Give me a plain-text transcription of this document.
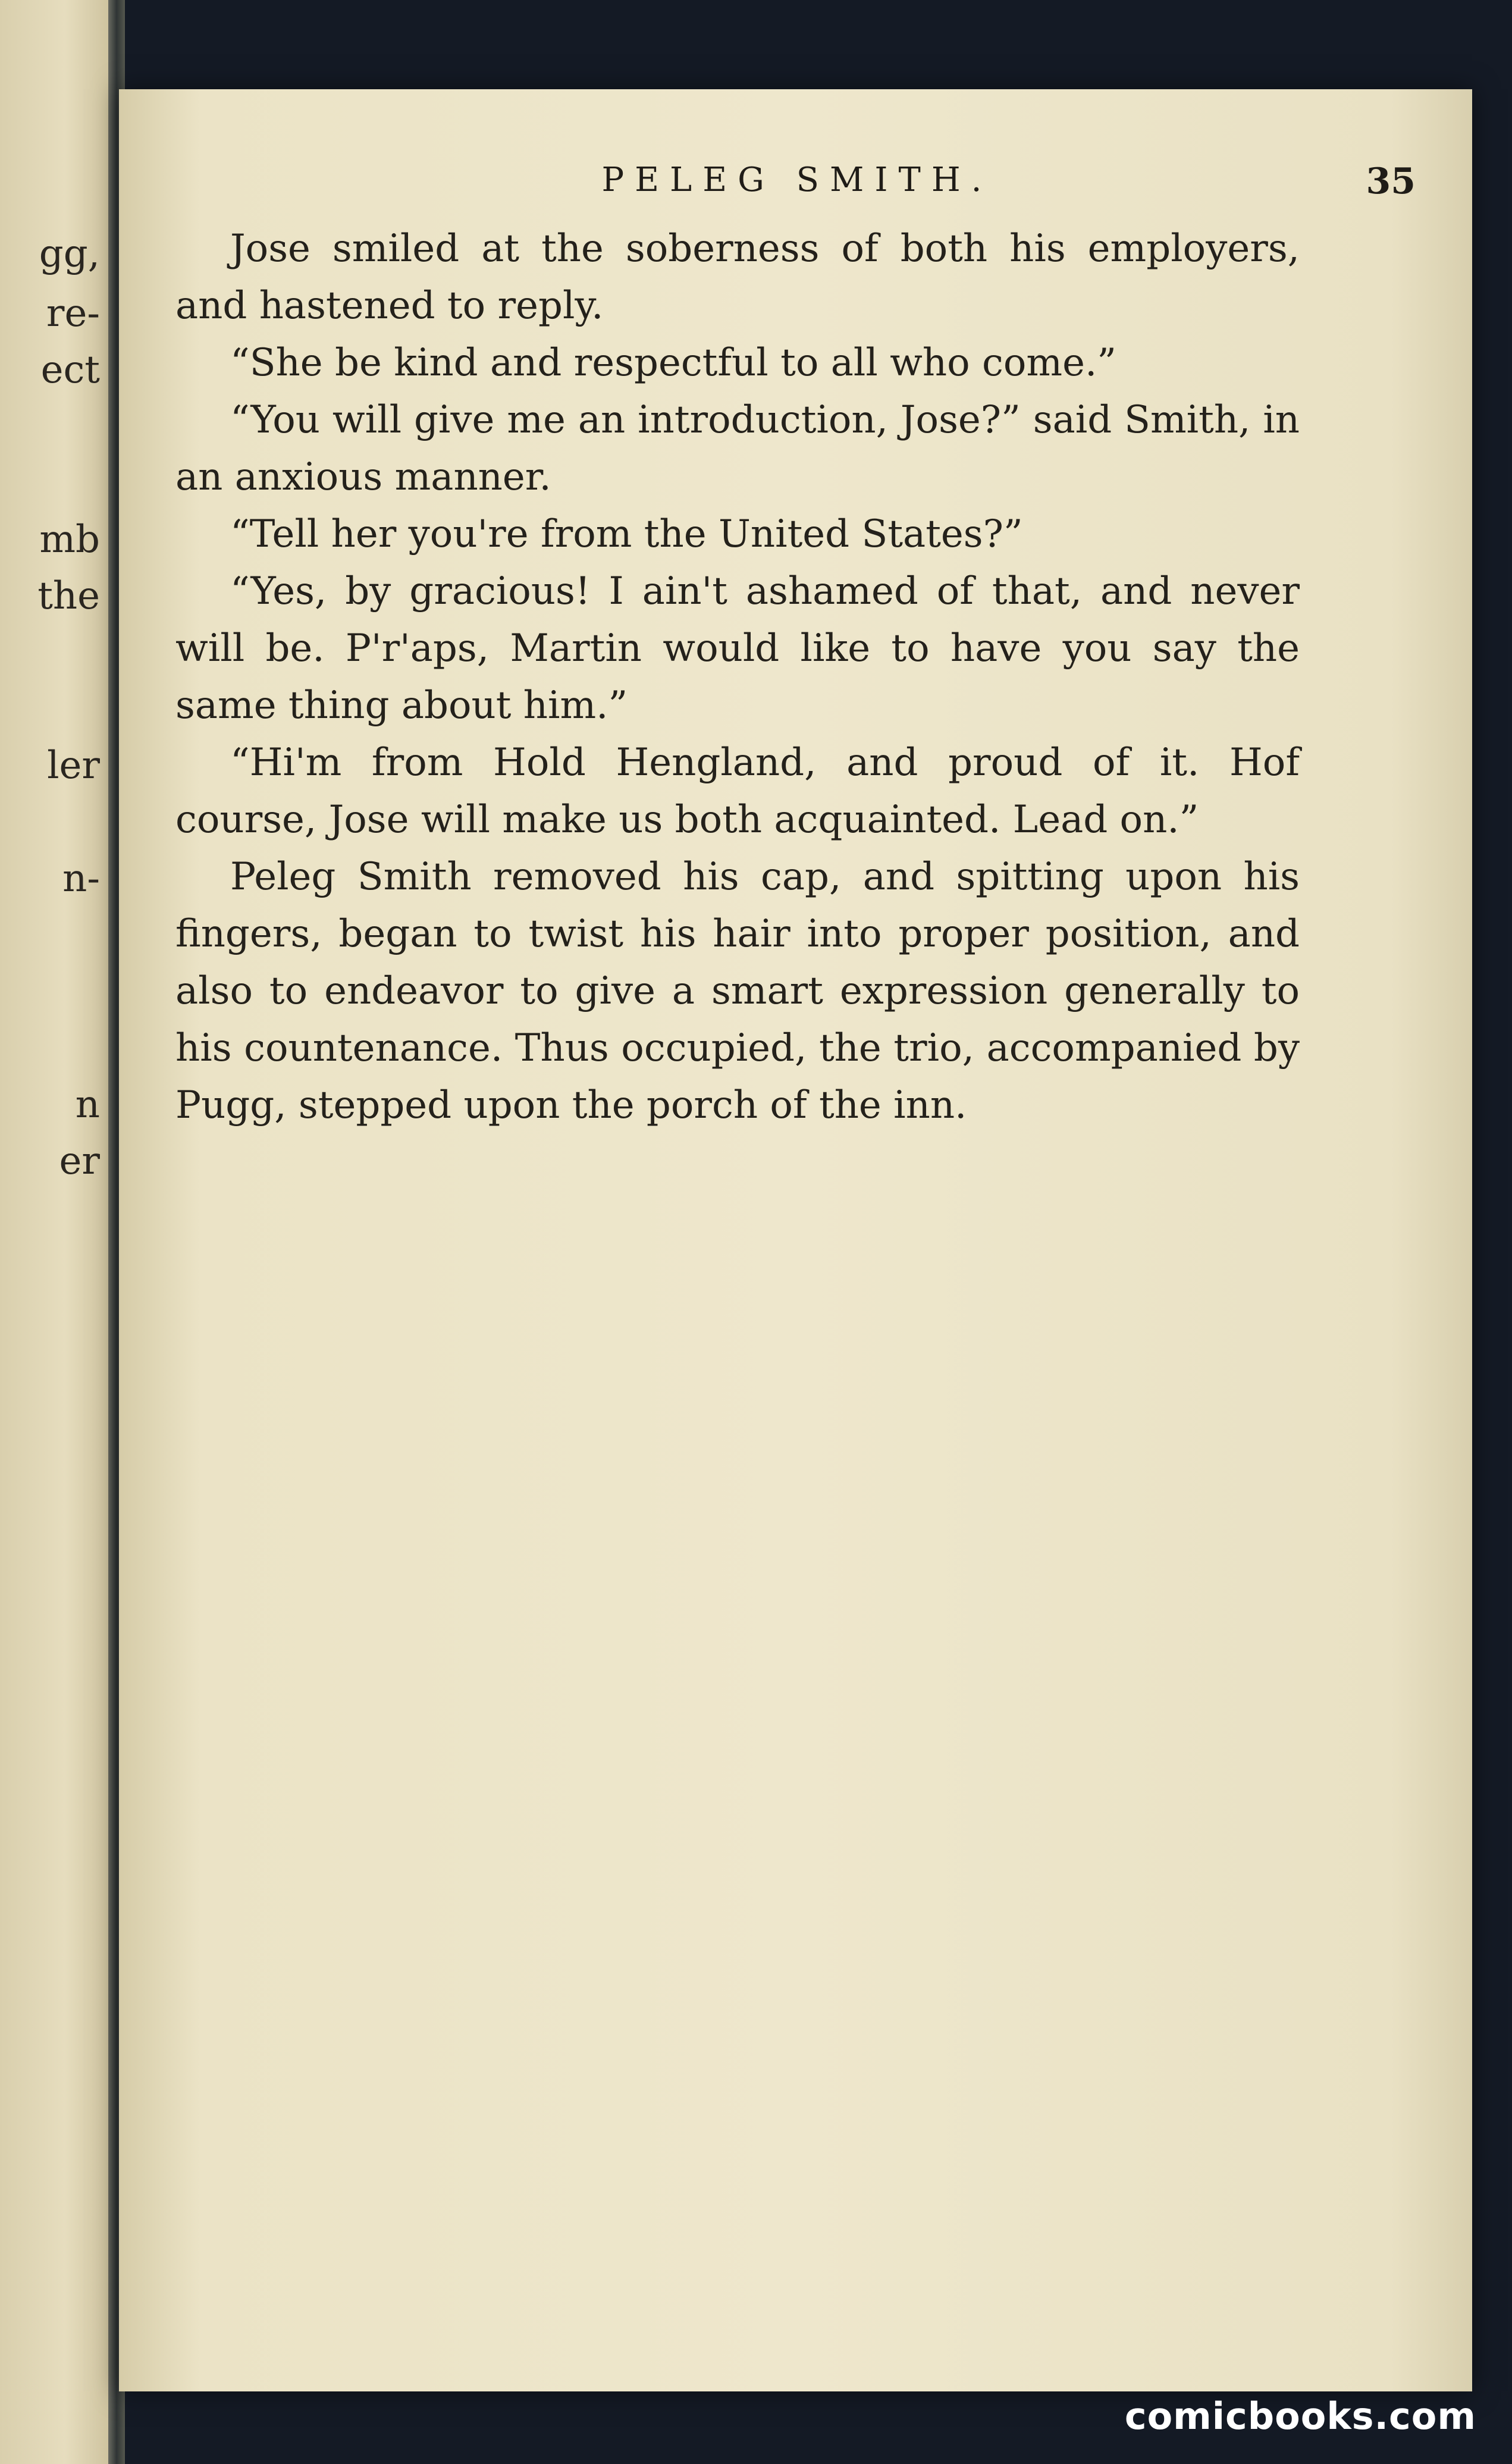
gg,
re-
ect
mb
the
ler
n-
n
er
PELEG SMITH.	35

Jose smiled at the soberness of both his employers, and hastened to reply.

“She be kind and respectful to all who come.”

“You will give me an introduction, Jose?” said Smith, in an anxious manner.

“Tell her you're from the United States?”

“Yes, by gracious! I ain't ashamed of that, and never will be. P'r'aps, Martin would like to have you say the same thing about him.”

“Hi'm from Hold Hengland, and proud of it. Hof course, Jose will make us both acquainted. Lead on.”

Peleg Smith removed his cap, and spitting upon his fingers, began to twist his hair into proper position, and also to endeavor to give a smart expression generally to his countenance. Thus occupied, the trio, accompanied by Pugg, stepped upon the porch of the inn.

comicbooks.com
